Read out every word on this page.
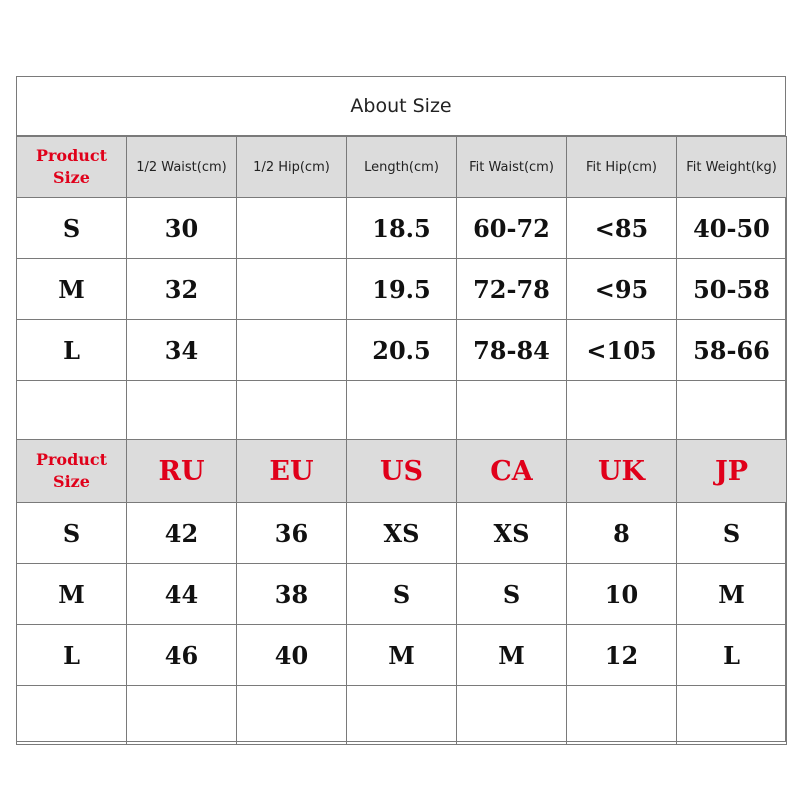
About Size
Product Size	1/2 Waist(cm)	1/2 Hip(cm)	Length(cm)	Fit Waist(cm)	Fit Hip(cm)	Fit Weight(kg)
S	30		18.5	60-72	<85	40-50
M	32		19.5	72-78	<95	50-58
L	34		20.5	78-84	<105	58-66

Product Size	RU	EU	US	CA	UK	JP
S	42	36	XS	XS	8	S
M	44	38	S	S	10	M
L	46	40	M	M	12	L
